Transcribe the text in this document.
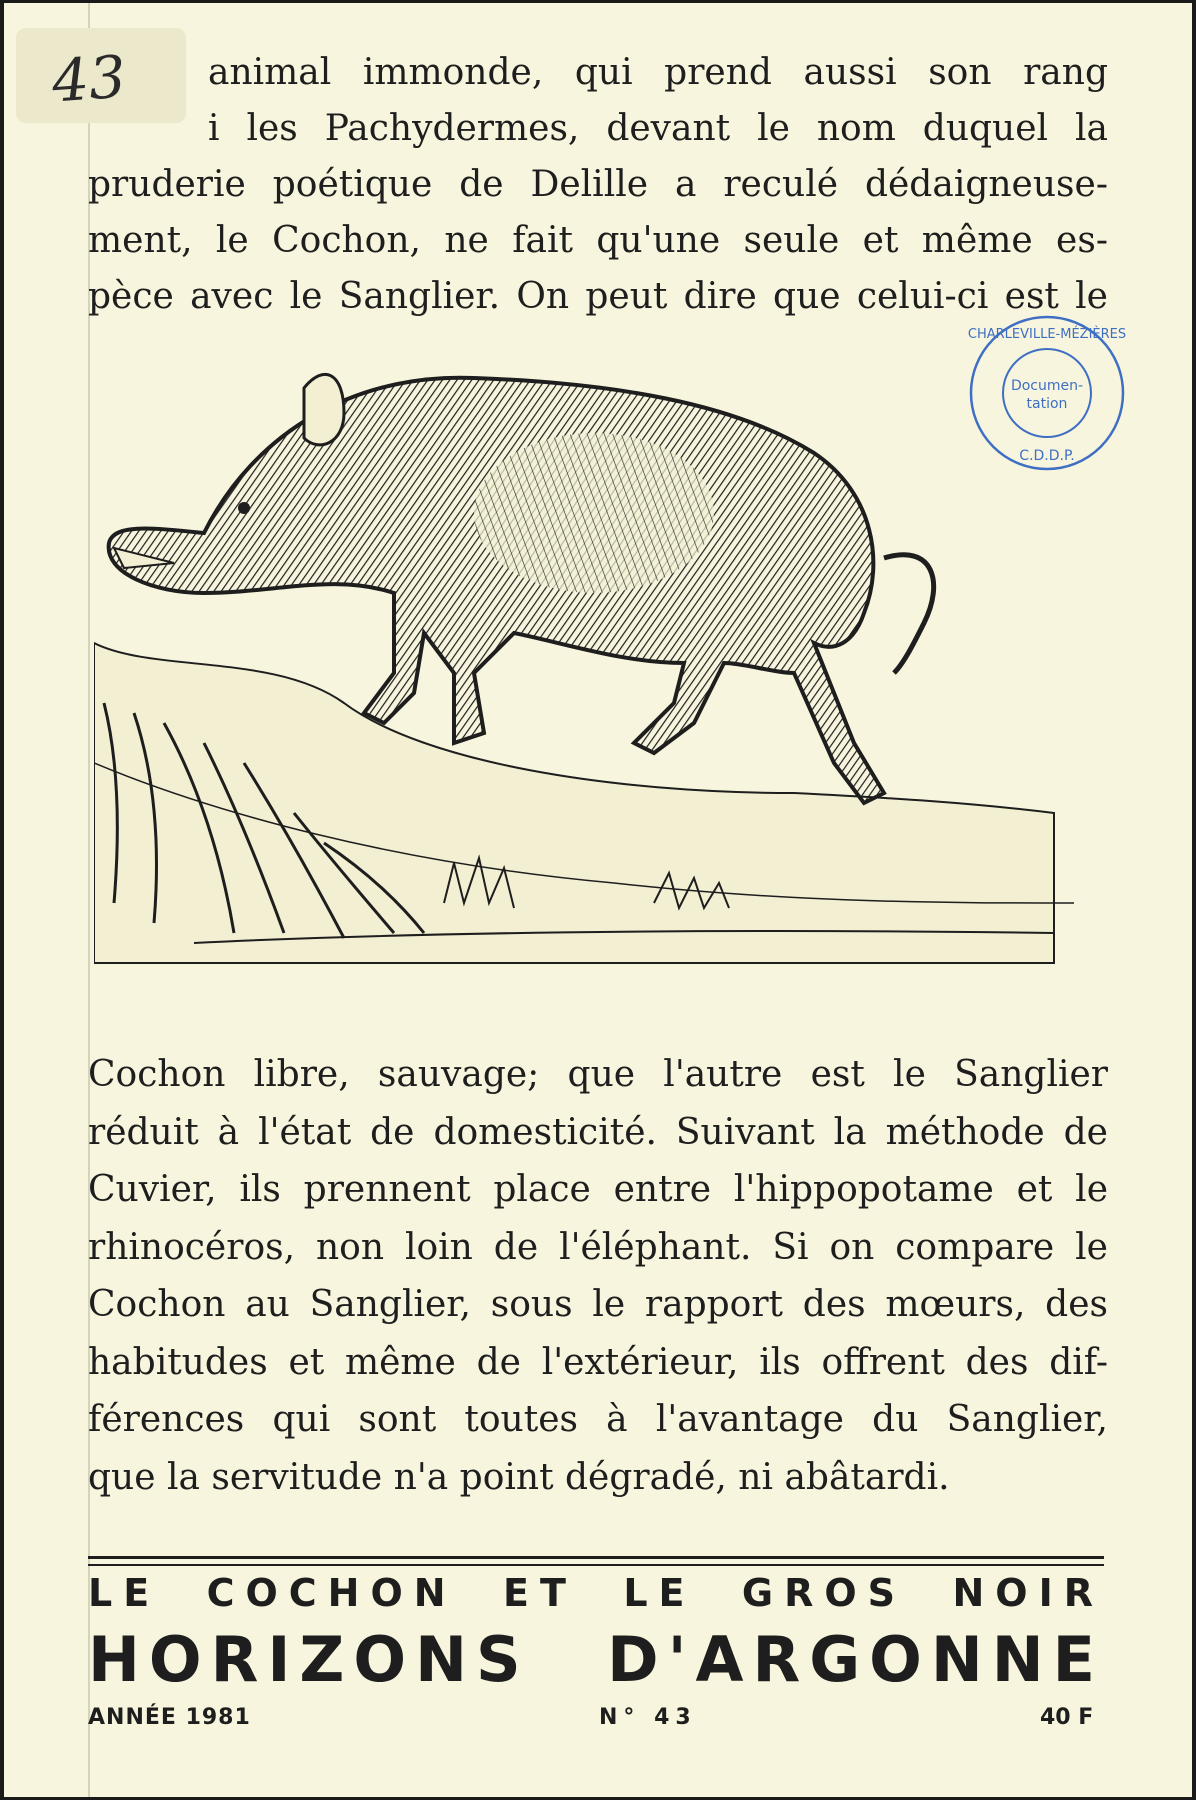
43	animal immonde, qui prend aussi son rang
i les Pachydermes, devant le nom duquel la
pruderie poétique de Delille a reculé dédaigneuse-
ment, le Cochon, ne fait qu'une seule et même es-
pèce avec le Sanglier. On peut dire que celui-ci est le
CHARLEVILLE-MÉZIÈRES
C.D.D.P.
Documen-
tation
Cochon libre, sauvage; que l'autre est le Sanglier
réduit à l'état de domesticité. Suivant la méthode de
Cuvier, ils prennent place entre l'hippopotame et le
rhinocéros, non loin de l'éléphant. Si on compare le
Cochon au Sanglier, sous le rapport des mœurs, des
habitudes et même de l'extérieur, ils offrent des dif-
férences qui sont toutes à l'avantage du Sanglier,
que la servitude n'a point dégradé, ni abâtardi.
LE COCHON ET LE GROS NOIR
HORIZONS D'ARGONNE
ANNÉE 1981	N° 43	40 F
